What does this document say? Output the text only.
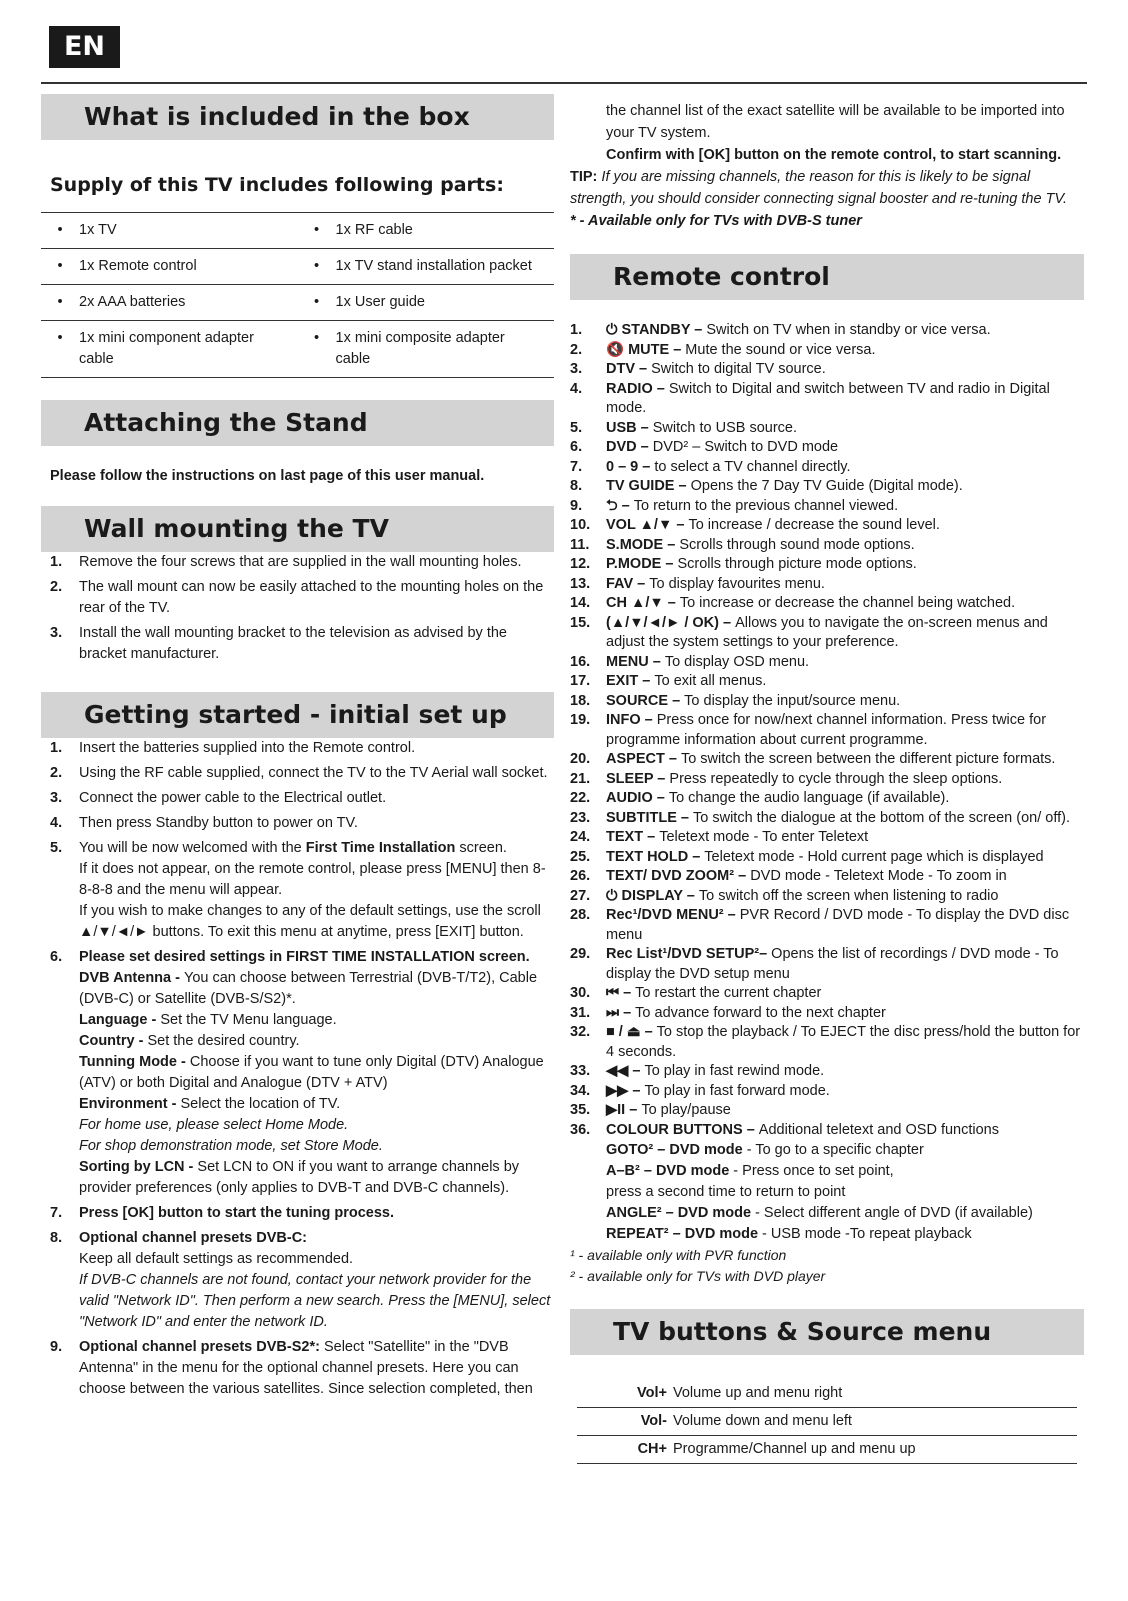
EN
What is included in the box
Supply of this TV includes following parts:
• 1x TV	• 1x RF cable
• 1x Remote control	• 1x TV stand installation packet
• 2x AAA batteries	• 1x User guide
• 1x mini component adapter cable	• 1x mini composite adapter cable
Attaching the Stand
Please follow the instructions on last page of this user manual.
Wall mounting the TV
1. Remove the four screws that are supplied in the wall mounting holes.
2. The wall mount can now be easily attached to the mounting holes on the rear of the TV.
3. Install the wall mounting bracket to the television as advised by the bracket manufacturer.
Getting started - initial set up
1. Insert the batteries supplied into the Remote control.
2. Using the RF cable supplied, connect the TV to the TV Aerial wall socket.
3. Connect the power cable to the Electrical outlet.
4. Then press Standby button to power on TV.
5. You will be now welcomed with the First Time Installation screen.
If it does not appear, on the remote control, please press [MENU] then 8-8-8-8 and the menu will appear.
If you wish to make changes to any of the default settings, use the scroll ▲/▼/◄/► buttons. To exit this menu at anytime, press [EXIT] button.
6. Please set desired settings in FIRST TIME INSTALLATION screen.
DVB Antenna - You can choose between Terrestrial (DVB-T/T2), Cable (DVB-C) or Satellite (DVB-S/S2)*.
Language - Set the TV Menu language.
Country - Set the desired country.
Tunning Mode - Choose if you want to tune only Digital (DTV) Analogue (ATV) or both Digital and Analogue (DTV + ATV)
Environment - Select the location of TV.
For home use, please select Home Mode.
For shop demonstration mode, set Store Mode.
Sorting by LCN - Set LCN to ON if you want to arrange channels by provider preferences (only applies to DVB-T and DVB-C channels).
7. Press [OK] button to start the tuning process.
8. Optional channel presets DVB-C:
Keep all default settings as recommended.
If DVB-C channels are not found, contact your network provider for the valid "Network ID". Then perform a new search. Press the [MENU], select "Network ID" and enter the network ID.
9. Optional channel presets DVB-S2*: Select "Satellite" in the "DVB Antenna" in the menu for the optional channel presets. Here you can choose between the various satellites. Since selection completed, then
the channel list of the exact satellite will be available to be imported into your TV system.
Confirm with [OK] button on the remote control, to start scanning.
TIP: If you are missing channels, the reason for this is likely to be signal strength, you should consider connecting signal booster and re-tuning the TV.
* - Available only for TVs with DVB-S tuner
Remote control
1. ⏻ STANDBY – Switch on TV when in standby or vice versa.
2. 🔇 MUTE – Mute the sound or vice versa.
3. DTV – Switch to digital TV source.
4. RADIO – Switch to Digital and switch between TV and radio in Digital mode.
5. USB – Switch to USB source.
6. DVD – DVD² – Switch to DVD mode
7. 0 – 9 – to select a TV channel directly.
8. TV GUIDE – Opens the 7 Day TV Guide (Digital mode).
9. ⮌ – To return to the previous channel viewed.
10. VOL ▲/▼ – To increase / decrease the sound level.
11. S.MODE – Scrolls through sound mode options.
12. P.MODE – Scrolls through picture mode options.
13. FAV – To display favourites menu.
14. CH ▲/▼ – To increase or decrease the channel being watched.
15. (▲/▼/◄/► / OK) – Allows you to navigate the on-screen menus and adjust the system settings to your preference.
16. MENU – To display OSD menu.
17. EXIT – To exit all menus.
18. SOURCE – To display the input/source menu.
19. INFO – Press once for now/next channel information. Press twice for programme information about current programme.
20. ASPECT – To switch the screen between the different picture formats.
21. SLEEP – Press repeatedly to cycle through the sleep options.
22. AUDIO – To change the audio language (if available).
23. SUBTITLE – To switch the dialogue at the bottom of the screen (on/ off).
24. TEXT – Teletext mode - To enter Teletext
25. TEXT HOLD – Teletext mode - Hold current page which is displayed
26. TEXT/ DVD ZOOM² – DVD mode - Teletext Mode - To zoom in
27. ⏻ DISPLAY – To switch off the screen when listening to radio
28. Rec¹/DVD MENU² – PVR Record / DVD mode - To display the DVD disc menu
29. Rec List¹/DVD SETUP²– Opens the list of recordings / DVD mode - To display the DVD setup menu
30. ⏮ – To restart the current chapter
31. ⏭ – To advance forward to the next chapter
32. ■ / ⏏ – To stop the playback / To EJECT the disc press/hold the button for 4 seconds.
33. ◀◀ – To play in fast rewind mode.
34. ▶▶ – To play in fast forward mode.
35. ▶II – To play/pause
36. COLOUR BUTTONS – Additional teletext and OSD functions
GOTO² – DVD mode - To go to a specific chapter
A–B² – DVD mode - Press once to set point,
press a second time to return to point
ANGLE² – DVD mode - Select different angle of DVD (if available)
REPEAT² – DVD mode - USB mode -To repeat playback
¹ - available only with PVR function
² - available only for TVs with DVD player
TV buttons & Source menu
Vol+	Volume up and menu right
Vol-	Volume down and menu left
CH+	Programme/Channel up and menu up
